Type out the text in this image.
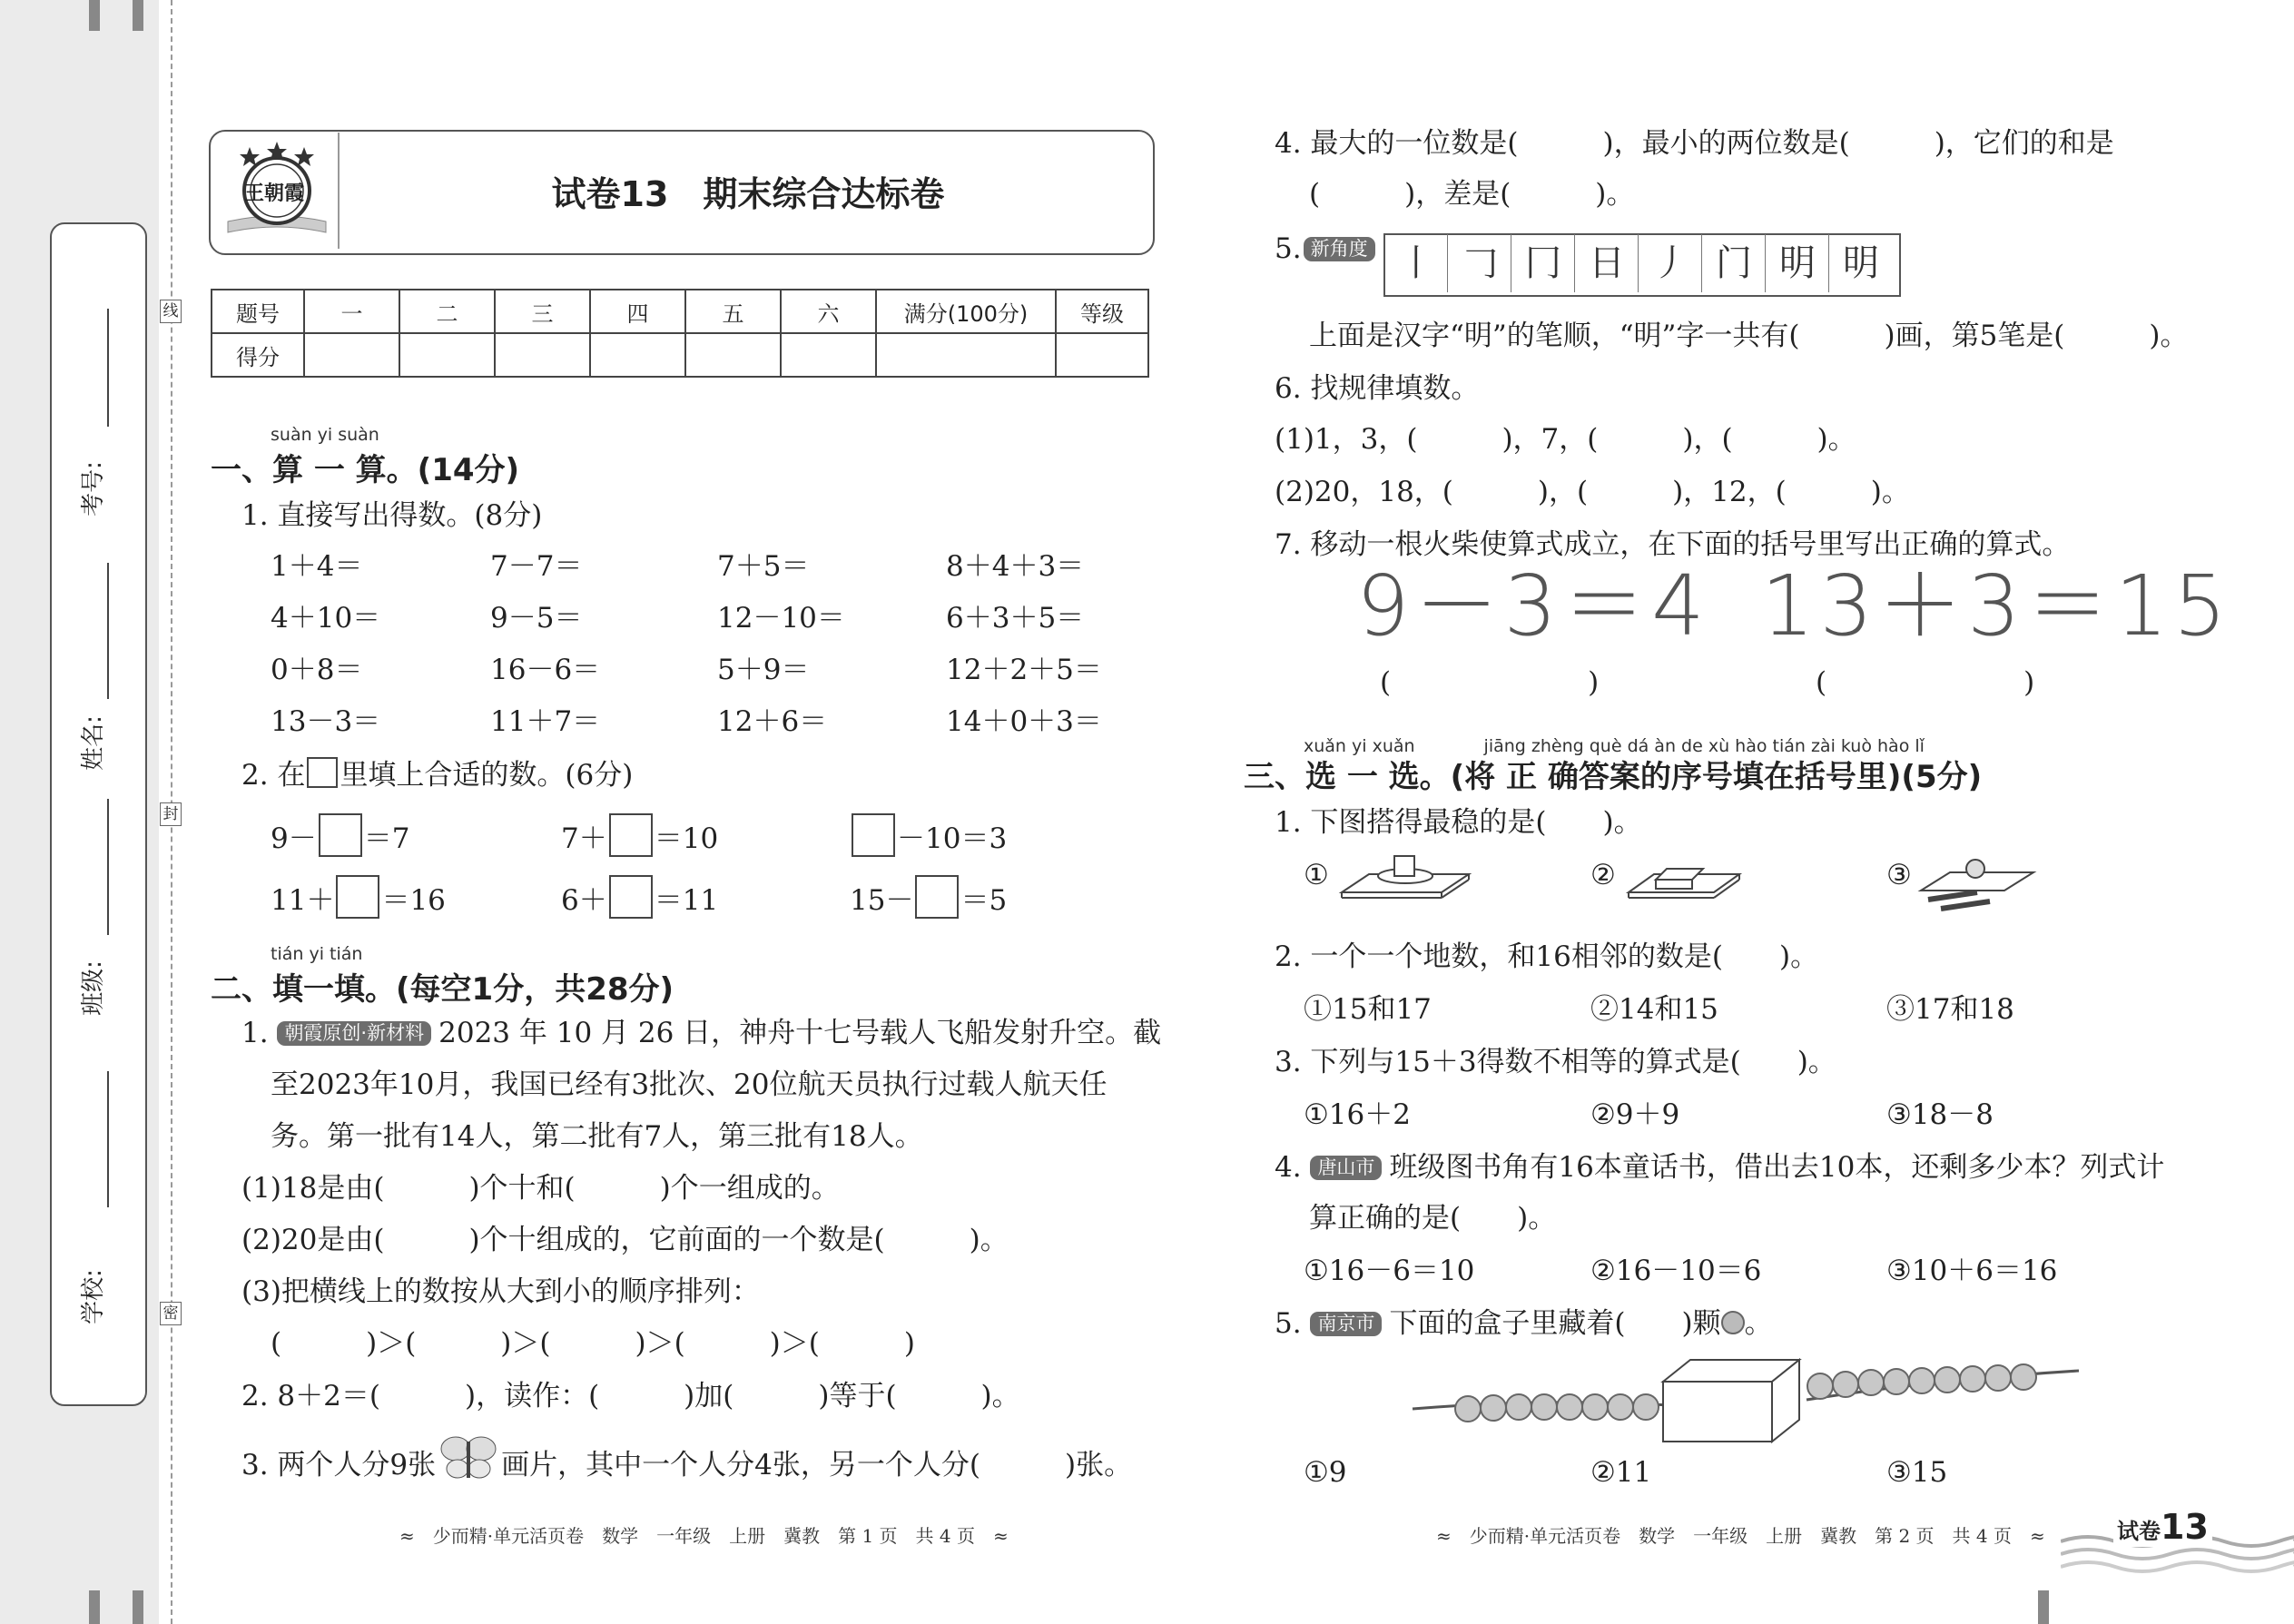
考号:
姓名:
班级:
学校:
线
封
密
王朝霞	试卷13　期末综合达标卷
题号	一	二	三	四	五	六	满分(100分)	等级
得分								
suàn yi suàn
一、算 一 算。(14分)
1. 直接写出得数。(8分)
1＋4＝	7－7＝	7＋5＝	8＋4＋3＝
4＋10＝	9－5＝	12－10＝	6＋3＋5＝
0＋8＝	16－6＝	5＋9＝	12＋2＋5＝
13－3＝	11＋7＝	12＋6＝	14＋0＋3＝
2. 在 里填上合适的数。(6分)
9－ ＝7	7＋ ＝10	－10＝3
11＋ ＝16	6＋ ＝11	15－ ＝5
tián yi tián
二、填一填。(每空1分，共28分)
1. 朝霞原创·新材料 2023 年 10 月 26 日，神舟十七号载人飞船发射升空。截
至2023年10月，我国已经有3批次、20位航天员执行过载人航天任
务。第一批有14人，第二批有7人，第三批有18人。
(1)18是由(　　　)个十和(　　　)个一组成的。
(2)20是由(　　　)个十组成的，它前面的一个数是(　　　)。
(3)把横线上的数按从大到小的顺序排列：
(　　　)＞(　　　)＞(　　　)＞(　　　)＞(　　　)
2. 8＋2＝(　　　)，读作：(　　　)加(　　　)等于(　　　)。
3. 两个人分9张 画片，其中一个人分4张，另一个人分(　　　)张。
≈　少而精·单元活页卷　数学　一年级　上册　冀教　第 1 页　共 4 页　≈
4. 最大的一位数是(　　　)，最小的两位数是(　　　)，它们的和是
(　　　)，差是(　　　)。
5. 新角度 丨 𠃌 冂 日 丿 门 明 明
上面是汉字“明”的笔顺，“明”字一共有(　　　)画，第5笔是(　　　)。
6. 找规律填数。
(1)1，3，(　　　)，7，(　　　)，(　　　)。
(2)20，18，(　　　)，(　　　)，12，(　　　)。
7. 移动一根火柴使算式成立，在下面的括号里写出正确的算式。
9－3＝4 13＋3＝15
(　　　　　　　)	(　　　　　　　)
xuǎn yi xuǎn　　　　jiāng zhèng què dá àn de xù hào tián zài kuò hào lǐ
三、选 一 选。(将 正 确答案的序号填在括号里)(5分)
1. 下图搭得最稳的是(　　)。
①	②	③
2. 一个一个地数，和16相邻的数是(　　)。
①15和17	②14和15	③17和18
3. 下列与15＋3得数不相等的算式是(　　)。
①16＋2	②9＋9	③18－8
4. 唐山市 班级图书角有16本童话书，借出去10本，还剩多少本？列式计
算正确的是(　　)。
①16－6＝10	②16－10＝6	③10＋6＝16
5. 南京市 下面的盒子里藏着(　　)颗 。
①9	②11	③15
≈　少而精·单元活页卷　数学　一年级　上册　冀教　第 2 页　共 4 页　≈	试卷13
